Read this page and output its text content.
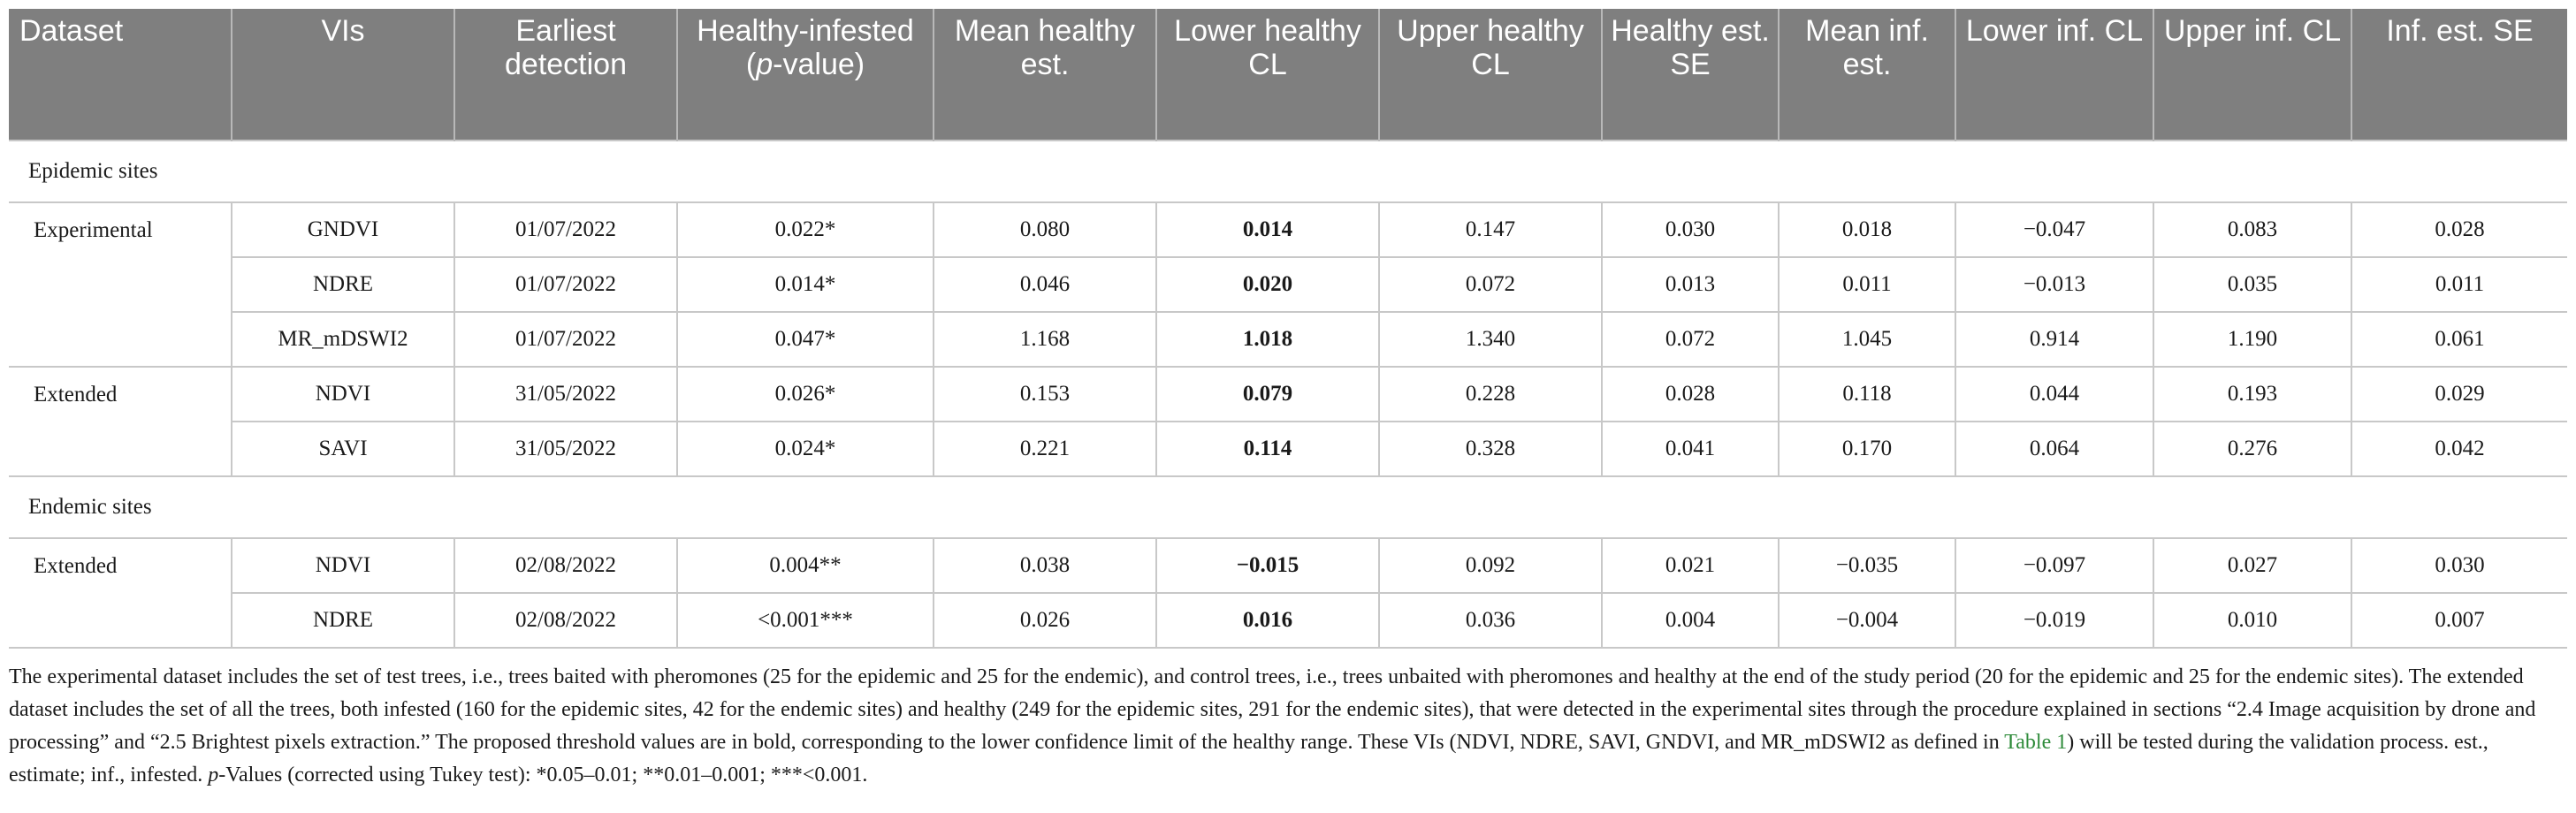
Dataset	VIs	Earliest detection	Healthy-infested (p-value)	Mean healthy est.	Lower healthy CL	Upper healthy CL	Healthy est. SE	Mean inf. est.	Lower inf. CL	Upper inf. CL	Inf. est. SE
Epidemic sites											
Experimental	GNDVI	01/07/2022	0.022*	0.080	0.014	0.147	0.030	0.018	−0.047	0.083	0.028
	NDRE	01/07/2022	0.014*	0.046	0.020	0.072	0.013	0.011	−0.013	0.035	0.011
	MR_mDSWI2	01/07/2022	0.047*	1.168	1.018	1.340	0.072	1.045	0.914	1.190	0.061
Extended	NDVI	31/05/2022	0.026*	0.153	0.079	0.228	0.028	0.118	0.044	0.193	0.029
	SAVI	31/05/2022	0.024*	0.221	0.114	0.328	0.041	0.170	0.064	0.276	0.042
Endemic sites											
Extended	NDVI	02/08/2022	0.004**	0.038	−0.015	0.092	0.021	−0.035	−0.097	0.027	0.030
	NDRE	02/08/2022	<0.001***	0.026	0.016	0.036	0.004	−0.004	−0.019	0.010	0.007

The experimental dataset includes the set of test trees, i.e., trees baited with pheromones (25 for the epidemic and 25 for the endemic), and control trees, i.e., trees unbaited with pheromones and healthy at the end of the study period (20 for the epidemic and 25 for the endemic sites). The extended dataset includes the set of all the trees, both infested (160 for the epidemic sites, 42 for the endemic sites) and healthy (249 for the epidemic sites, 291 for the endemic sites), that were detected in the experimental sites through the procedure explained in sections “2.4 Image acquisition by drone and processing” and “2.5 Brightest pixels extraction.” The proposed threshold values are in bold, corresponding to the lower confidence limit of the healthy range. These VIs (NDVI, NDRE, SAVI, GNDVI, and MR_mDSWI2 as defined in Table 1) will be tested during the validation process. est., estimate; inf., infested. p-Values (corrected using Tukey test): *0.05–0.01; **0.01–0.001; ***<0.001.
